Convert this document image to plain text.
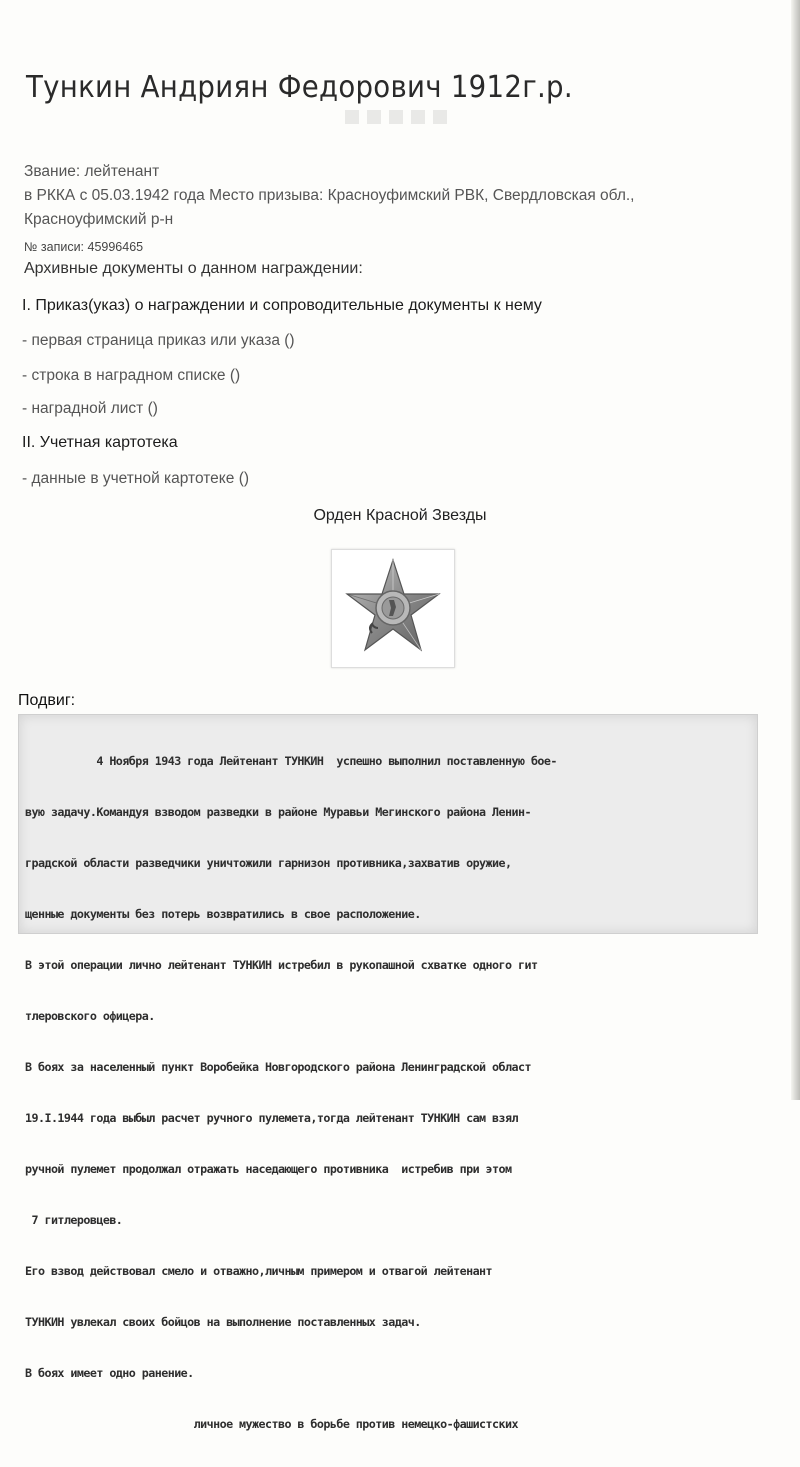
Тункин Андриян Федорович 1912г.р.
Звание: лейтенант
в РККА с 05.03.1942 года Место призыва: Красноуфимский РВК, Свердловская обл.,
Красноуфимский р-н
№ записи: 45996465
Архивные документы о данном награждении:
I. Приказ(указ) о награждении и сопроводительные документы к нему
- первая страница приказ или указа ()
- строка в наградном списке ()
- наградной лист ()
II. Учетная картотека
- данные в учетной картотеке ()
Орден Красной Звезды
Подвиг:

4 Ноября 1943 года Лейтенант ТУНКИН  успешно выполнил поставленную бое-

вую задачу.Командуя взводом разведки в районе Муравьи Мегинского района Ленин-

градской области разведчики уничтожили гарнизон противника,захватив оружие,

щенные документы без потерь возвратились в свое расположение.

В этой операции лично лейтенант ТУНКИН истребил в рукопашной схватке одного гит

тлеровского офицера.

В боях за населенный пункт Воробейка Новгородского района Ленинградской област

19.I.1944 года выбыл расчет ручного пулемета,тогда лейтенант ТУНКИН сам взял

ручной пулемет продолжал отражать наседающего противника  истребив при этом

7 гитлеровцев.

Его взвод действовал смело и отважно,личным примером и отвагой лейтенант

ТУНКИН увлекал своих бойцов на выполнение поставленных задач.

В боях имеет одно ранение.

личное мужество в борьбе против немецко-фашистских
